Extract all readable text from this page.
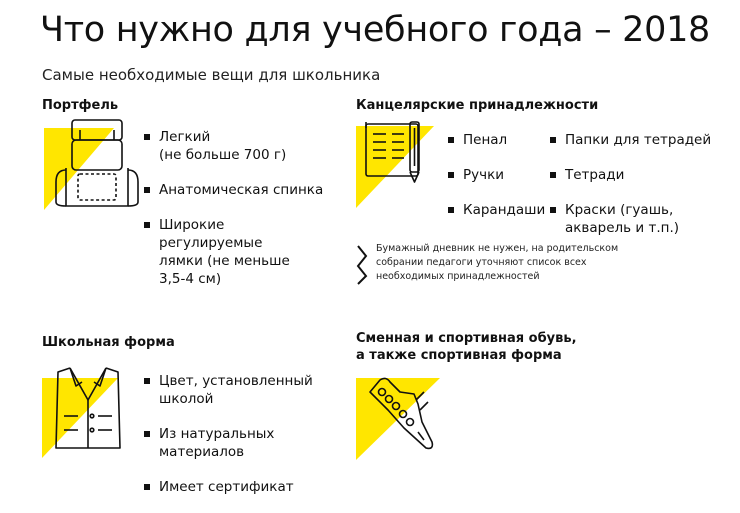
Что нужно для учебного года – 2018
Самые необходимые вещи для школьника
Портфель
Легкий
(не больше 700 г)
Анатомическая спинка
Широкие
регулируемые
лямки (не меньше
3,5-4 см)
Канцелярские принадлежности
Пенал
Ручки
Карандаши
Папки для тетрадей
Тетради
Краски (гуашь,
акварель и т.п.)
Бумажный дневник не нужен, на родительском
собрании педагоги уточняют список всех
необходимых принадлежностей
Школьная форма
Цвет, установленный
школой
Из натуральных
материалов
Имеет сертификат
Сменная и спортивная обувь,
а также спортивная форма
